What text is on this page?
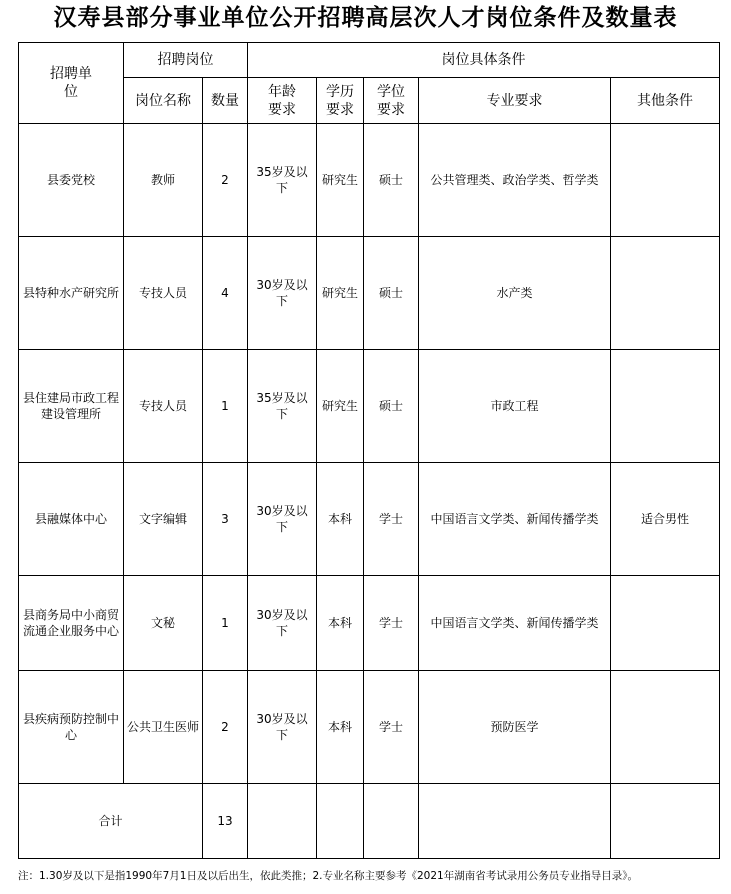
汉寿县部分事业单位公开招聘高层次人才岗位条件及数量表
招聘单位	招聘岗位		岗位具体条件				
	岗位名称	数量	年龄要求	学历要求	学位要求	专业要求	其他条件
县委党校	教师	2	35岁及以下	研究生	硕士	公共管理类、政治学类、哲学类	
县特种水产研究所	专技人员	4	30岁及以下	研究生	硕士	水产类	
县住建局市政工程建设管理所	专技人员	1	35岁及以下	研究生	硕士	市政工程	
县融媒体中心	文字编辑	3	30岁及以下	本科	学士	中国语言文学类、新闻传播学类	适合男性
县商务局中小商贸流通企业服务中心	文秘	1	30岁及以下	本科	学士	中国语言文学类、新闻传播学类	
县疾病预防控制中心	公共卫生医师	2	30岁及以下	本科	学士	预防医学	
合计		13					
注：1.30岁及以下是指1990年7月1日及以后出生，依此类推；2.专业名称主要参考《2021年湖南省考试录用公务员专业指导目录》。
